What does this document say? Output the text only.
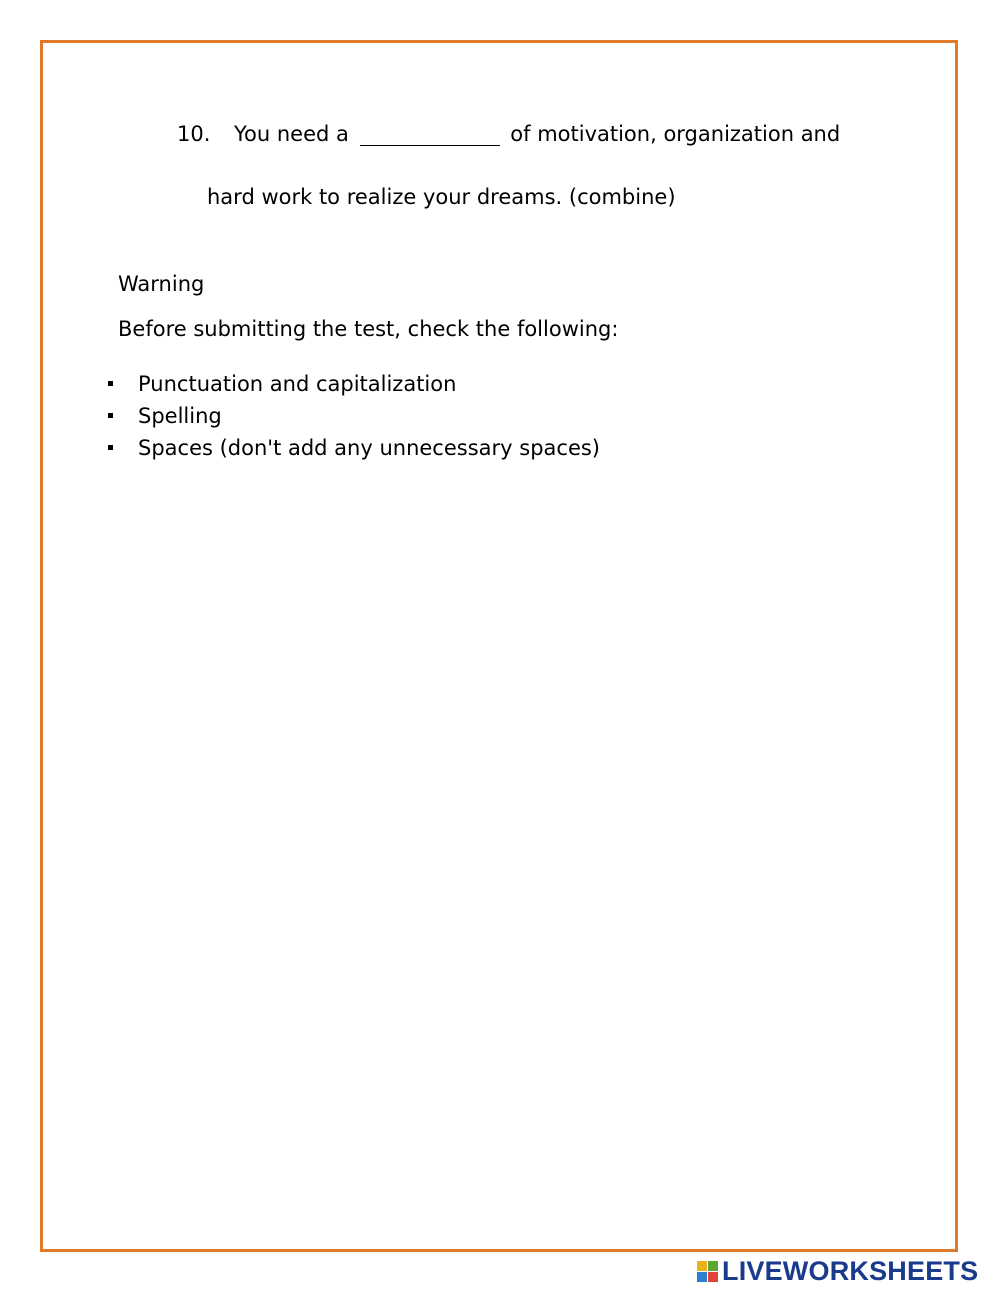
10. You need a	of motivation, organization and
hard work to realize your dreams. (combine)
Warning
Before submitting the test, check the following:
Punctuation and capitalization
Spelling
Spaces (don't add any unnecessary spaces)
LIVEWORKSHEETS
